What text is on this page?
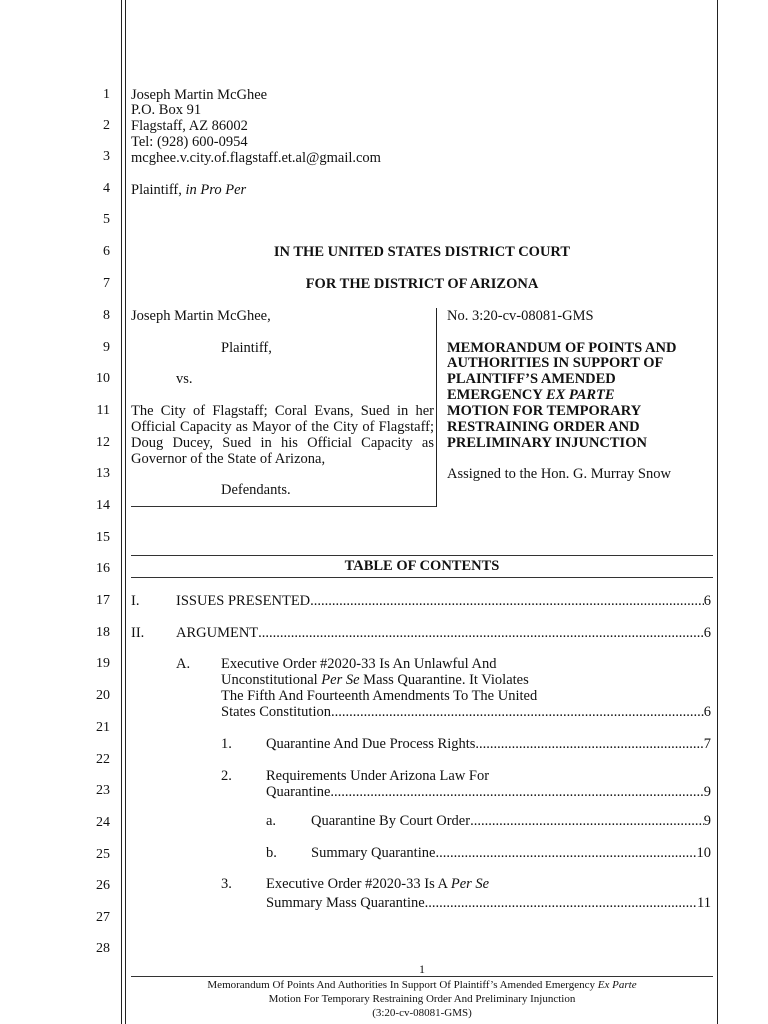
1
2
3
4
5
6
7
8
9
10
11
12
13
14
15
16
17
18
19
20
21
22
23
24
25
26
27
28
Joseph Martin McGhee
P.O. Box 91
Flagstaff, AZ 86002
Tel: (928) 600-0954
mcghee.v.city.of.flagstaff.et.al@gmail.com
Plaintiff, in Pro Per
IN THE UNITED STATES DISTRICT COURT
FOR THE DISTRICT OF ARIZONA
Joseph Martin McGhee,
Plaintiff,
vs.
The City of Flagstaff; Coral Evans, Sued in her Official Capacity as Mayor of the City of Flagstaff; Doug Ducey, Sued in his Official Capacity as Governor of the State of Arizona,
Defendants.
No. 3:20-cv-08081-GMS
MEMORANDUM OF POINTS AND
AUTHORITIES IN SUPPORT OF
PLAINTIFF’S AMENDED
EMERGENCY EX PARTE
MOTION FOR TEMPORARY
RESTRAINING ORDER AND
PRELIMINARY INJUNCTION
Assigned to the Hon. G. Murray Snow
TABLE OF CONTENTS
I.	ISSUES PRESENTED .....	6
II. ARGUMENT .....	6
A. Executive Order #2020-33 Is An Unlawful And
Unconstitutional Per Se Mass Quarantine. It Violates
The Fifth And Fourteenth Amendments To The United
States Constitution .....	6
1. Quarantine And Due Process Rights .....	7
2. Requirements Under Arizona Law For
Quarantine .....	9
a. Quarantine By Court Order .....	9
b. Summary Quarantine .....	10
3. Executive Order #2020-33 Is A Per Se
Summary Mass Quarantine .....	11
1
Memorandum Of Points And Authorities In Support Of Plaintiff’s Amended Emergency Ex Parte
Motion For Temporary Restraining Order And Preliminary Injunction
(3:20-cv-08081-GMS)
